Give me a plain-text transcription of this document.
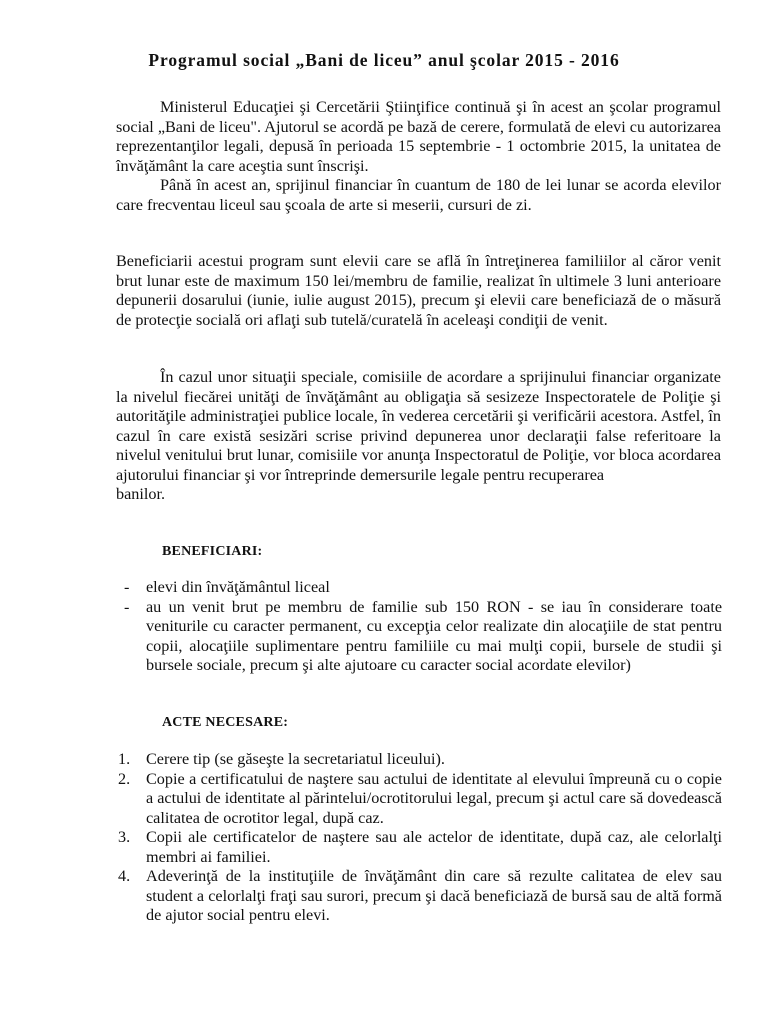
Programul social „Bani de liceu” anul şcolar 2015 - 2016
Ministerul Educaţiei şi Cercetării Ştiinţifice continuă şi în acest an şcolar programul social „Bani de liceu". Ajutorul se acordă pe bază de cerere, formulată de elevi cu autorizarea reprezentanţilor legali, depusă în perioada 15 septembrie - 1 octombrie 2015, la unitatea de învăţământ la care aceştia sunt înscrişi.
Până în acest an, sprijinul financiar în cuantum de 180 de lei lunar se acorda elevilor care frecventau liceul sau şcoala de arte si meserii, cursuri de zi.
Beneficiarii acestui program sunt elevii care se află în întreţinerea familiilor al căror venit brut lunar este de maximum 150 lei/membru de familie, realizat în ultimele 3 luni anterioare depunerii dosarului (iunie, iulie august 2015), precum şi elevii care beneficiază de o măsură de protecţie socială ori aflaţi sub tutelă/curatelă în aceleaşi condiţii de venit.
În cazul unor situaţii speciale, comisiile de acordare a sprijinului financiar organizate la nivelul fiecărei unităţi de învăţământ au obligaţia să sesizeze Inspectoratele de Poliţie şi autorităţile administraţiei publice locale, în vederea cercetării şi verificării acestora. Astfel, în cazul în care există sesizări scrise privind depunerea unor declaraţii false referitoare la nivelul venitului brut lunar, comisiile vor anunţa Inspectoratul de Poliţie, vor bloca acordarea ajutorului financiar şi vor întreprinde demersurile legale pentru recuperarea
banilor.
BENEFICIARI:
- elevi din învăţământul liceal
- au un venit brut pe membru de familie sub 150 RON - se iau în considerare toate veniturile cu caracter permanent, cu excepţia celor realizate din alocaţiile de stat pentru copii, alocaţiile suplimentare pentru familiile cu mai mulţi copii, bursele de studii şi bursele sociale, precum şi alte ajutoare cu caracter social acordate elevilor)
ACTE NECESARE:
1. Cerere tip (se găseşte la secretariatul liceului).
2. Copie a certificatului de naştere sau actului de identitate al elevului împreună cu o copie a actului de identitate al părintelui/ocrotitorului legal, precum şi actul care să dovedească calitatea de ocrotitor legal, după caz.
3. Copii ale certificatelor de naştere sau ale actelor de identitate, după caz, ale celorlalţi membri ai familiei.
4. Adeverinţă de la instituţiile de învăţământ din care să rezulte calitatea de elev sau student a celorlalţi fraţi sau surori, precum şi dacă beneficiază de bursă sau de altă formă de ajutor social pentru elevi.
